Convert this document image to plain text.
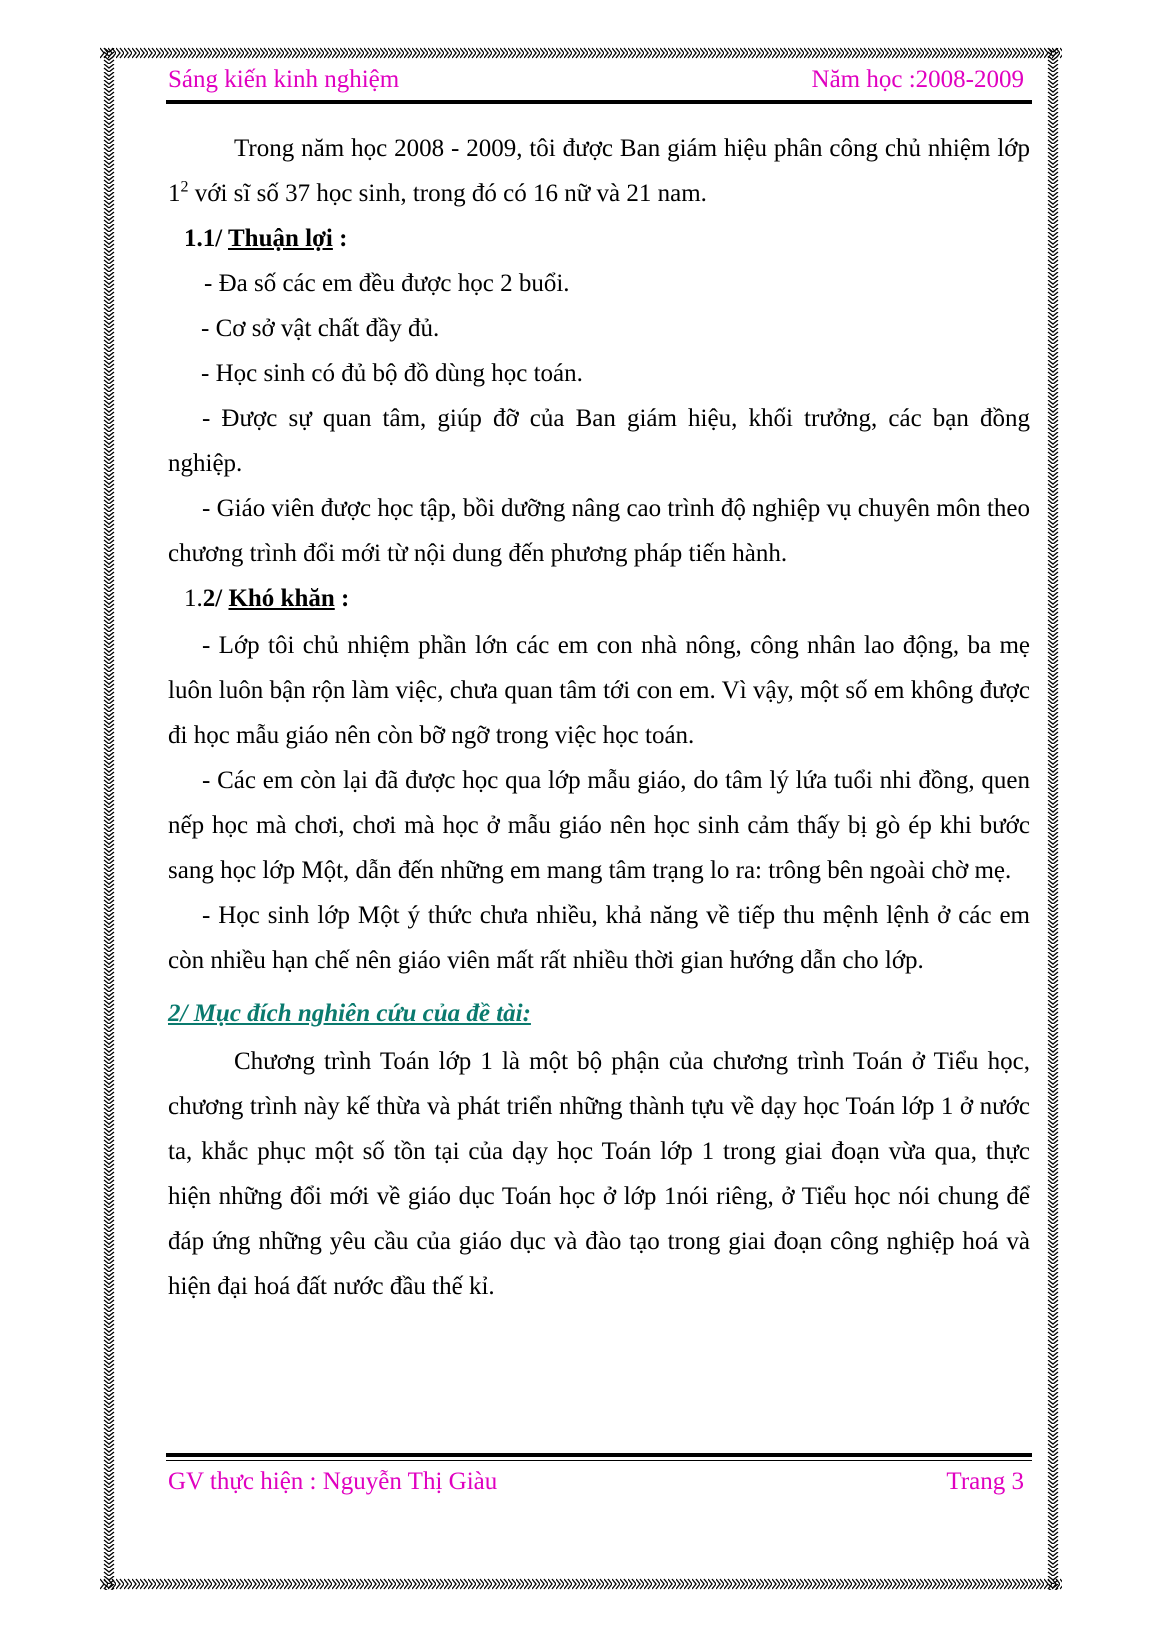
Sáng kiến kinh nghiệm	Năm học :2008-2009

Trong năm học 2008 - 2009, tôi được Ban giám hiệu phân công chủ nhiệm lớp $1^2$ với sĩ số 37 học sinh, trong đó có 16 nữ và 21 nam.

1.1/ Thuận lợi :

- Đa số các em đều được học 2 buổi.

- Cơ sở vật chất đầy đủ.

- Học sinh có đủ bộ đồ dùng học toán.

- Được sự quan tâm, giúp đỡ của Ban giám hiệu, khối trưởng, các bạn đồng nghiệp.

- Giáo viên được học tập, bồi dưỡng nâng cao trình độ nghiệp vụ chuyên môn theo chương trình đổi mới từ nội dung đến phương pháp tiến hành.

1.2/ Khó khăn :

- Lớp tôi chủ nhiệm phần lớn các em con nhà nông, công nhân lao động, ba mẹ luôn luôn bận rộn làm việc, chưa quan tâm tới con em. Vì vậy, một số em không được đi học mẫu giáo nên còn bỡ ngỡ trong việc học toán.

- Các em còn lại đã được học qua lớp mẫu giáo, do tâm lý lứa tuổi nhi đồng, quen nếp học mà chơi, chơi mà học ở mẫu giáo nên học sinh cảm thấy bị gò ép khi bước sang học lớp Một, dẫn đến những em mang tâm trạng lo ra: trông bên ngoài chờ mẹ.

- Học sinh lớp Một ý thức chưa nhiều, khả năng về tiếp thu mệnh lệnh ở các em còn nhiều hạn chế nên giáo viên mất rất nhiều thời gian hướng dẫn cho lớp.

2/ Mục đích nghiên cứu của đề tài:

Chương trình Toán lớp 1 là một bộ phận của chương trình Toán ở Tiểu học, chương trình này kế thừa và phát triển những thành tựu về dạy học Toán lớp 1 ở nước ta, khắc phục một số tồn tại của dạy học Toán lớp 1 trong giai đoạn vừa qua, thực hiện những đổi mới về giáo dục Toán học ở lớp 1nói riêng, ở Tiểu học nói chung để đáp ứng những yêu cầu của giáo dục và đào tạo trong giai đoạn công nghiệp hoá và hiện đại hoá đất nước đầu thế kỉ.

GV thực hiện : Nguyễn Thị Giàu	Trang 3
